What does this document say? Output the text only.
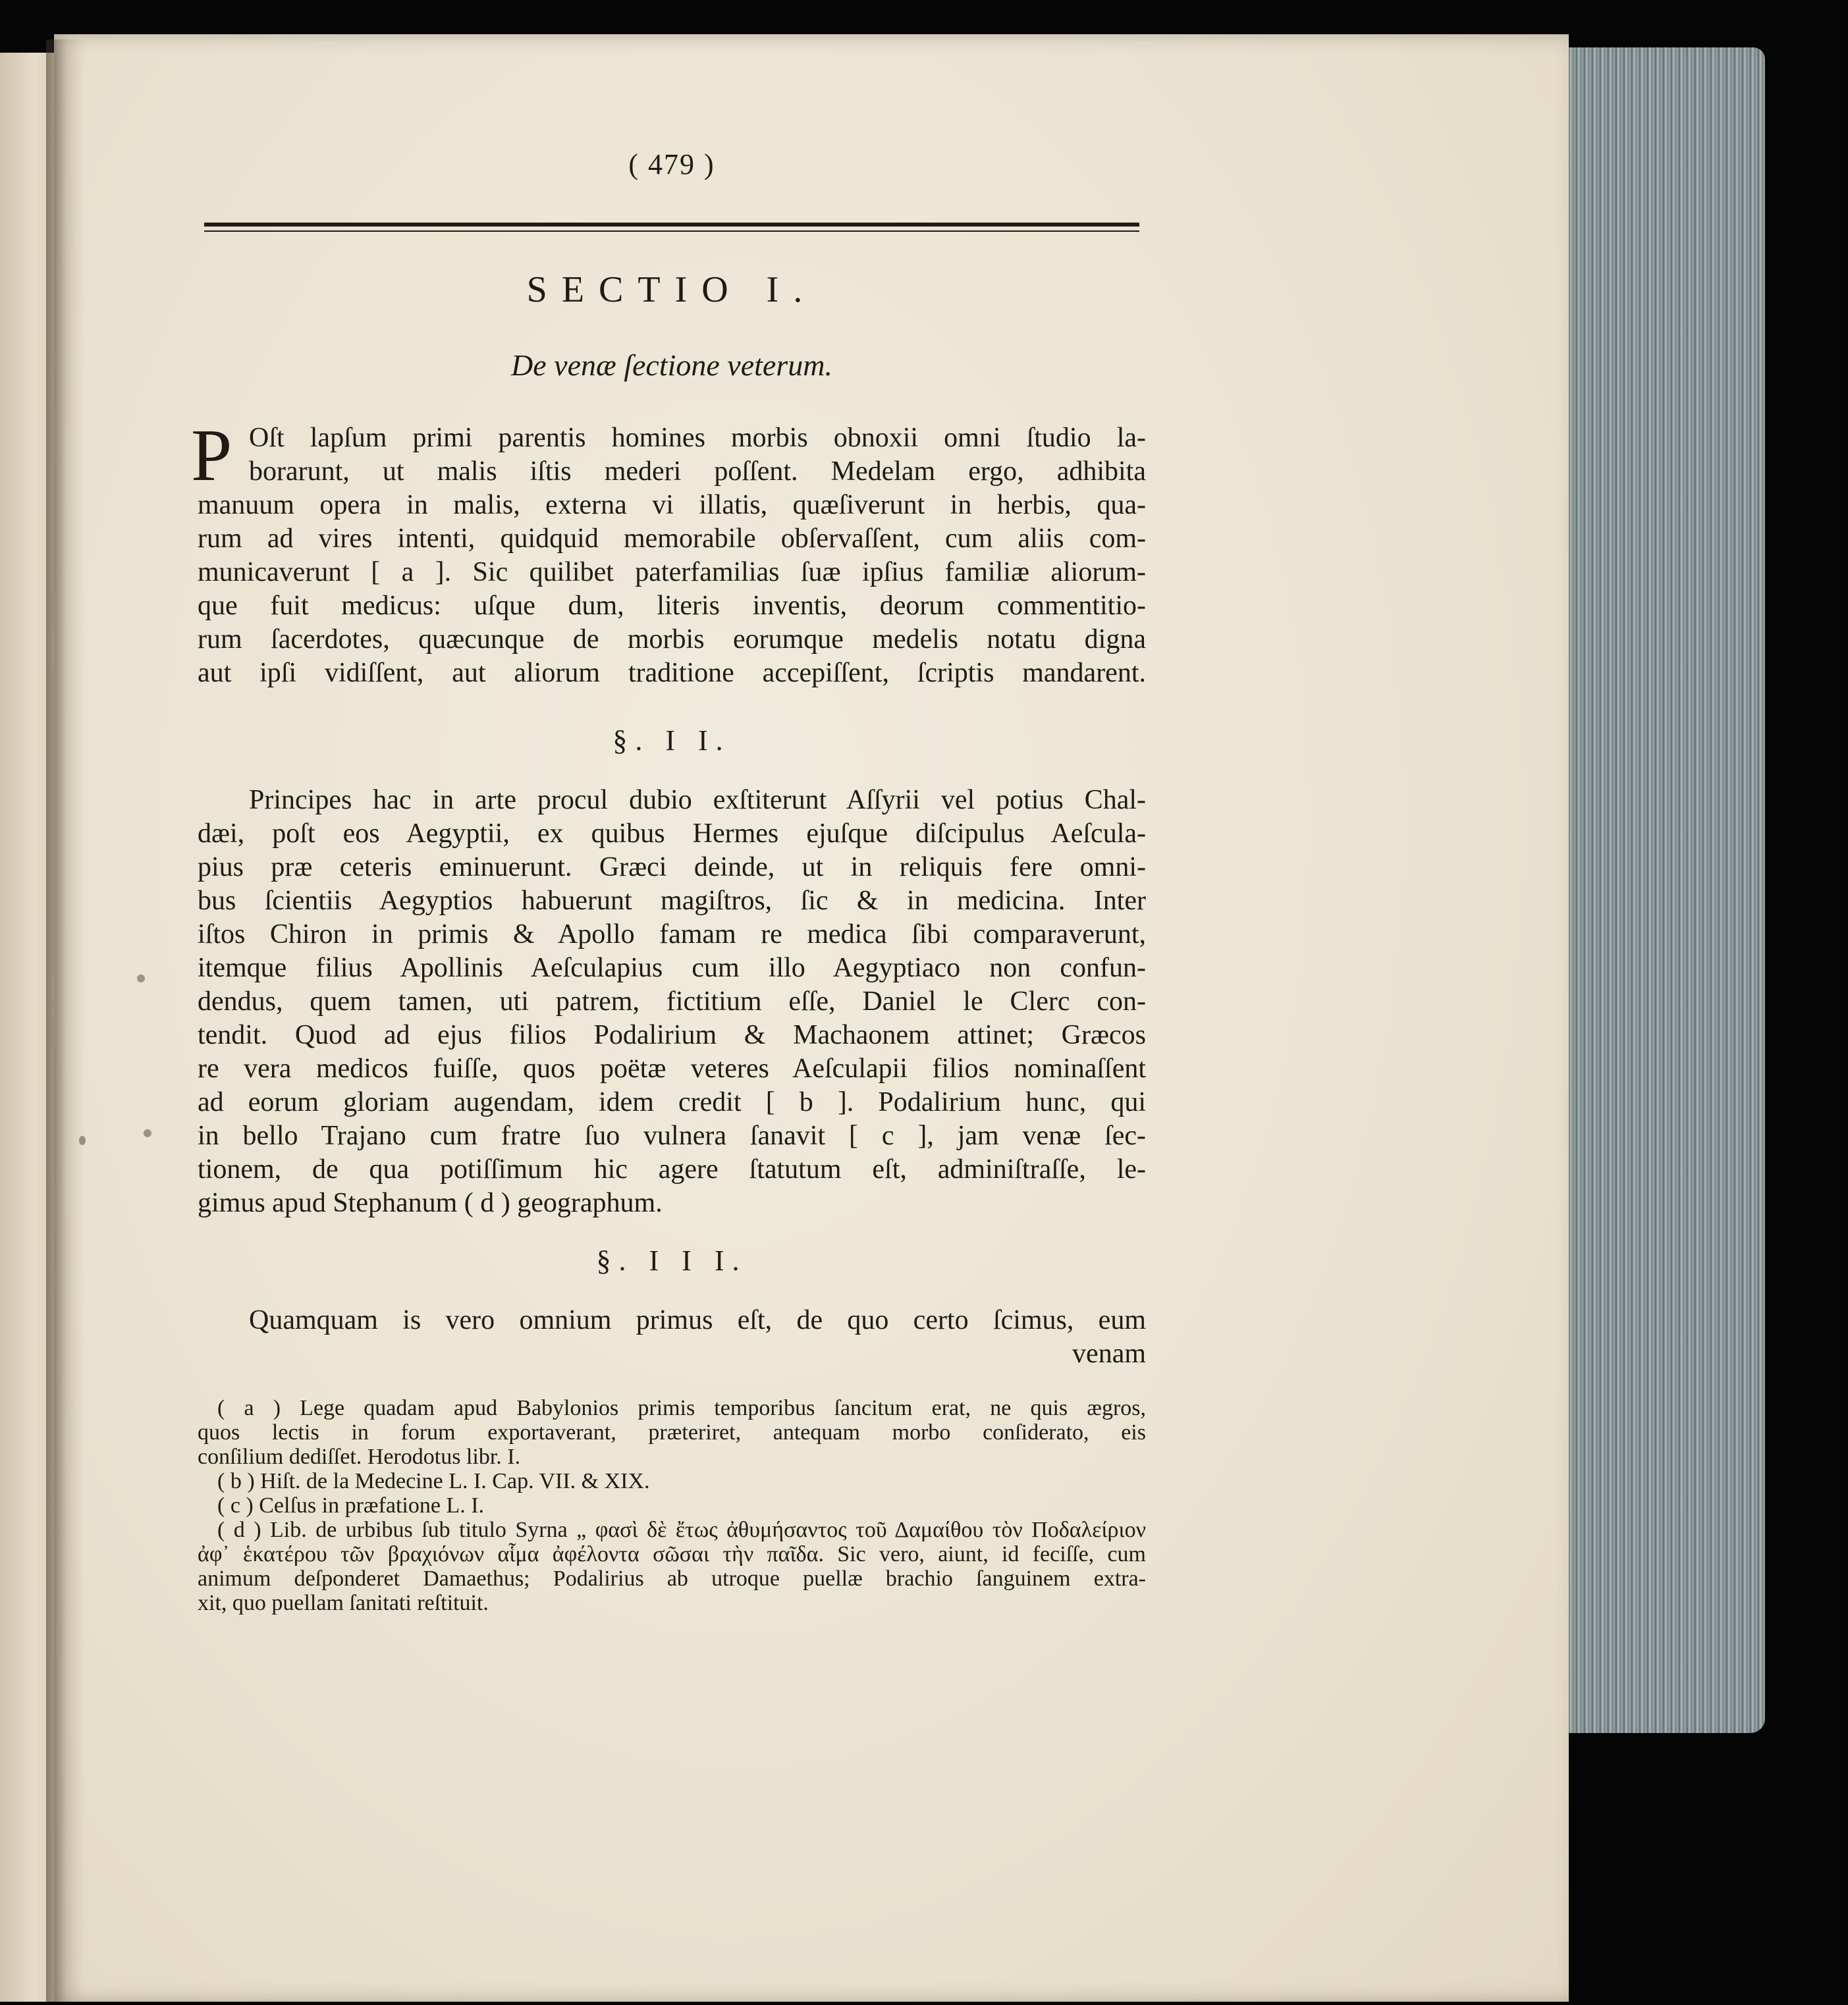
( 479 )
SECTIO I.
De venæ ſectione veterum.
P Oſt lapſum primi parentis homines morbis obnoxii omni ſtudio la-
borarunt, ut malis iſtis mederi poſſent. Medelam ergo, adhibita
manuum opera in malis, externa vi illatis, quæſiverunt in herbis, qua-
rum ad vires intenti, quidquid memorabile obſervaſſent, cum aliis com-
municaverunt [ a ]. Sic quilibet paterfamilias ſuæ ipſius familiæ aliorum-
que fuit medicus: uſque dum, literis inventis, deorum commentitio-
rum ſacerdotes, quæcunque de morbis eorumque medelis notatu digna
aut ipſi vidiſſent, aut aliorum traditione accepiſſent, ſcriptis mandarent.
§. I I.
Principes hac in arte procul dubio exſtiterunt Aſſyrii vel potius Chal-
dæi, poſt eos Aegyptii, ex quibus Hermes ejuſque diſcipulus Aeſcula-
pius præ ceteris eminuerunt. Græci deinde, ut in reliquis fere omni-
bus ſcientiis Aegyptios habuerunt magiſtros, ſic & in medicina. Inter
iſtos Chiron in primis & Apollo famam re medica ſibi comparaverunt,
itemque filius Apollinis Aeſculapius cum illo Aegyptiaco non confun-
dendus, quem tamen, uti patrem, fictitium eſſe, Daniel le Clerc con-
tendit. Quod ad ejus filios Podalirium & Machaonem attinet; Græcos
re vera medicos fuiſſe, quos poëtæ veteres Aeſculapii filios nominaſſent
ad eorum gloriam augendam, idem credit [ b ]. Podalirium hunc, qui
in bello Trajano cum fratre ſuo vulnera ſanavit [ c ], jam venæ ſec-
tionem, de qua potiſſimum hic agere ſtatutum eſt, adminiſtraſſe, le-
gimus apud Stephanum ( d ) geographum.
§. I I I.
Quamquam is vero omnium primus eſt, de quo certo ſcimus, eum
venam
( a ) Lege quadam apud Babylonios primis temporibus ſancitum erat, ne quis ægros,
quos lectis in forum exportaverant, præteriret, antequam morbo conſiderato, eis
conſilium dediſſet. Herodotus libr. I.
( b ) Hiſt. de la Medecine L. I. Cap. VII. & XIX.
( c ) Celſus in præfatione L. I.
( d ) Lib. de urbibus ſub titulo Syrna „ φασὶ δὲ ἔτως ἀθυμήσαντος τοῦ Δαμαίθου τὸν Ποδαλείριον
ἀφ᾽ ἑκατέρου τῶν βραχιόνων αἷμα ἀφέλοντα σῶσαι τὴν παῖδα. Sic vero, aiunt, id feciſſe, cum
animum deſponderet Damaethus; Podalirius ab utroque puellæ brachio ſanguinem extra-
xit, quo puellam ſanitati reſtituit.
